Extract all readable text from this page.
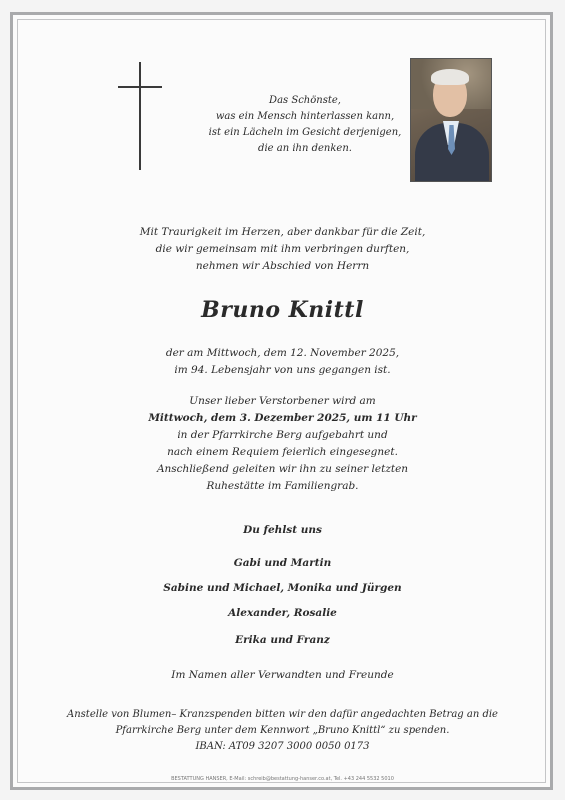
Das Schönste,
was ein Mensch hinterlassen kann,
ist ein Lächeln im Gesicht derjenigen,
die an ihn denken.
Mit Traurigkeit im Herzen, aber dankbar für die Zeit,
die wir gemeinsam mit ihm verbringen durften,
nehmen wir Abschied von Herrn
Bruno Knittl
der am Mittwoch, dem 12. November 2025,
im 94. Lebensjahr von uns gegangen ist.
Unser lieber Verstorbener wird am
Mittwoch, dem 3. Dezember 2025, um 11 Uhr
in der Pfarrkirche Berg aufgebahrt und
nach einem Requiem feierlich eingesegnet.
Anschließend geleiten wir ihn zu seiner letzten
Ruhestätte im Familiengrab.
Du fehlst uns
Gabi und Martin
Sabine und Michael, Monika und Jürgen
Alexander, Rosalie
Erika und Franz
Im Namen aller Verwandten und Freunde
Anstelle von Blumen– Kranzspenden bitten wir den dafür angedachten Betrag an die
Pfarrkirche Berg unter dem Kennwort „Bruno Knittl“ zu spenden.
IBAN: AT09 3207 3000 0050 0173
BESTATTUNG HANSER, E-Mail: schreib@bestattung-hanser.co.at, Tel. +43 244 5532 5010
